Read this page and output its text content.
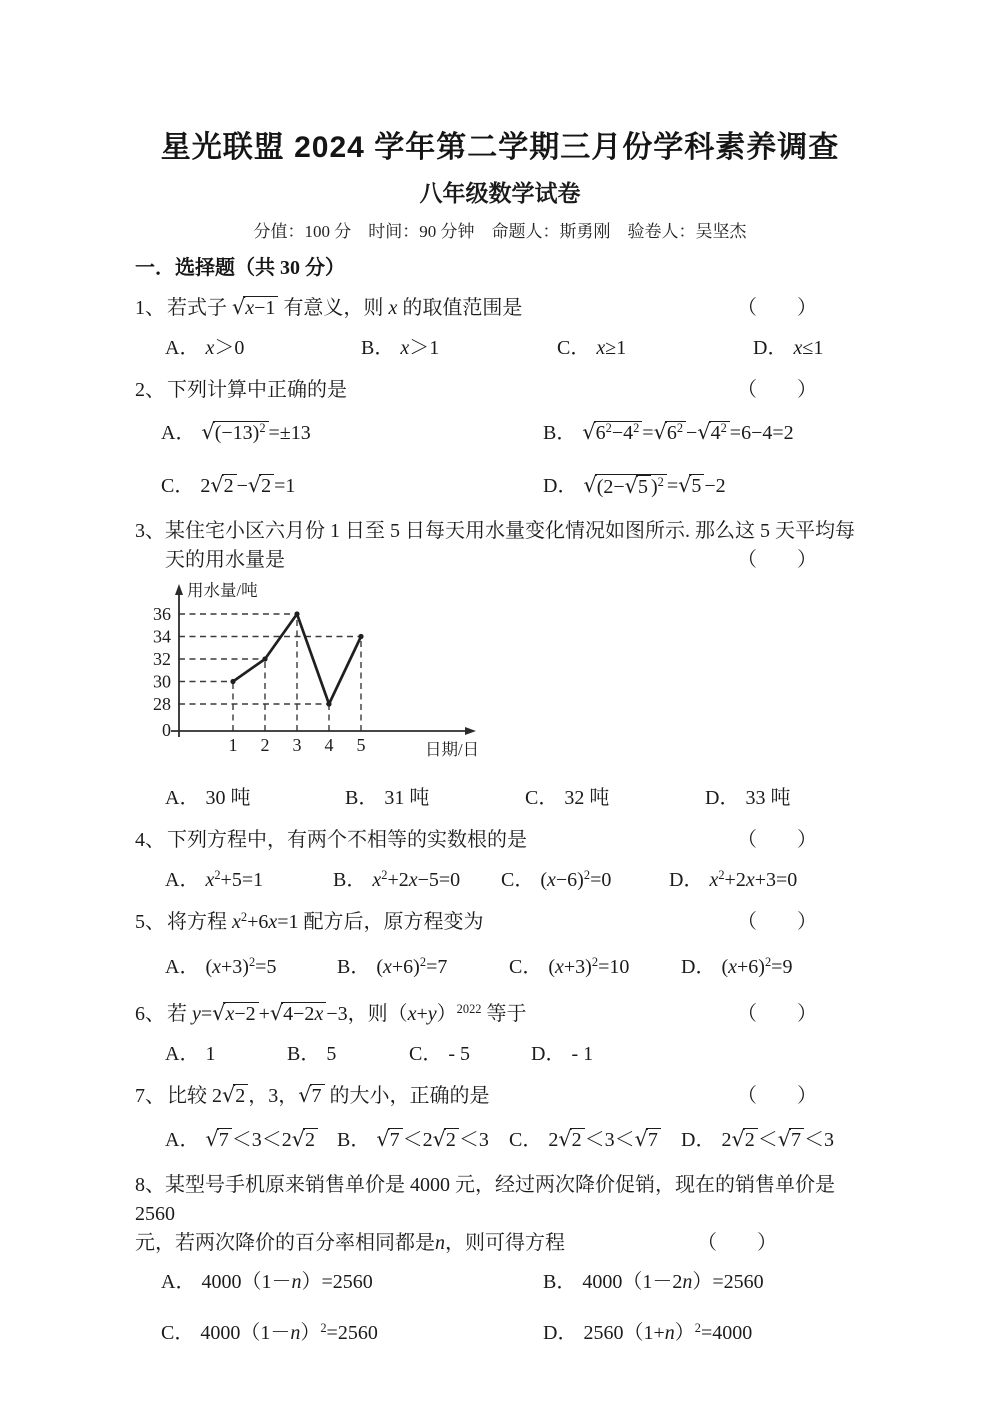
星光联盟 2024 学年第二学期三月份学科素养调查
八年级数学试卷
分值：100 分　时间：90 分钟　命题人：斯勇刚　验卷人：吴坚杰
一．选择题（共 30 分）
1、 若式子 √ x−1 有意义，则 x 的取值范围是	（　　）
A． x＞0	B． x＞1	C． x≥1	D． x≤1
2、 下列计算中正确的是	（　　）
A． √ $(-13)^2 =\pm 13$	B． √ $6^2-4^2$ = √ $6^2$ − √ $4^2 =6-4=2$
C． 2 √ 2 − √ 2 =1	D． √ (2− √ 5 )$^2$ = √ 5 −2
3、某住宅小区六月份 1 日至 5 日每天用水量变化情况如图所示. 那么这 5 天平均每
天的用水量是	（　　）
28
30
32
34
36
0
1 2 3 4 5
用水量/吨
日期/日
A． 30 吨	B． 31 吨	C． 32 吨	D． 33 吨
4、 下列方程中，有两个不相等的实数根的是	（　　）
A． $x^2+5=1$	B． $x^2+2x-5=0$	C． $(x-6)^2=0$	D． $x^2+2x+3=0$
5、 将方程 $x^2+6x=1$ 配方后，原方程变为	（　　）
A． $(x+3)^2=5$	B． $(x+6)^2=7$	C． $(x+3)^2=10$	D． $(x+6)^2=9$
6、 若 y= √ x−2 + √ 4−2x −3，则$(x+y)^{2022}$ 等于	（　　）
A． 1	B． 5	C． - 5	D． - 1
7、 比较 2 √ 2 ，3， √ 7 的大小，正确的是	（　　）
A． √ 7 ＜3＜2 √ 2 B． √ 7 ＜2 √ 2 ＜3	C． 2 √ 2 ＜3＜ √ 7 D． 2 √ 2 ＜ √ 7 ＜3
8、某型号手机原来销售单价是 4000 元，经过两次降价促销，现在的销售单价是 2560
元，若两次降价的百分率相同都是n，则可得方程	（　　）
A． 4000（1－n）=2560	B． 4000（1－2n）=2560
C． $4000(1-n)^2=2560$	D． $2560(1+n)^2=4000$
